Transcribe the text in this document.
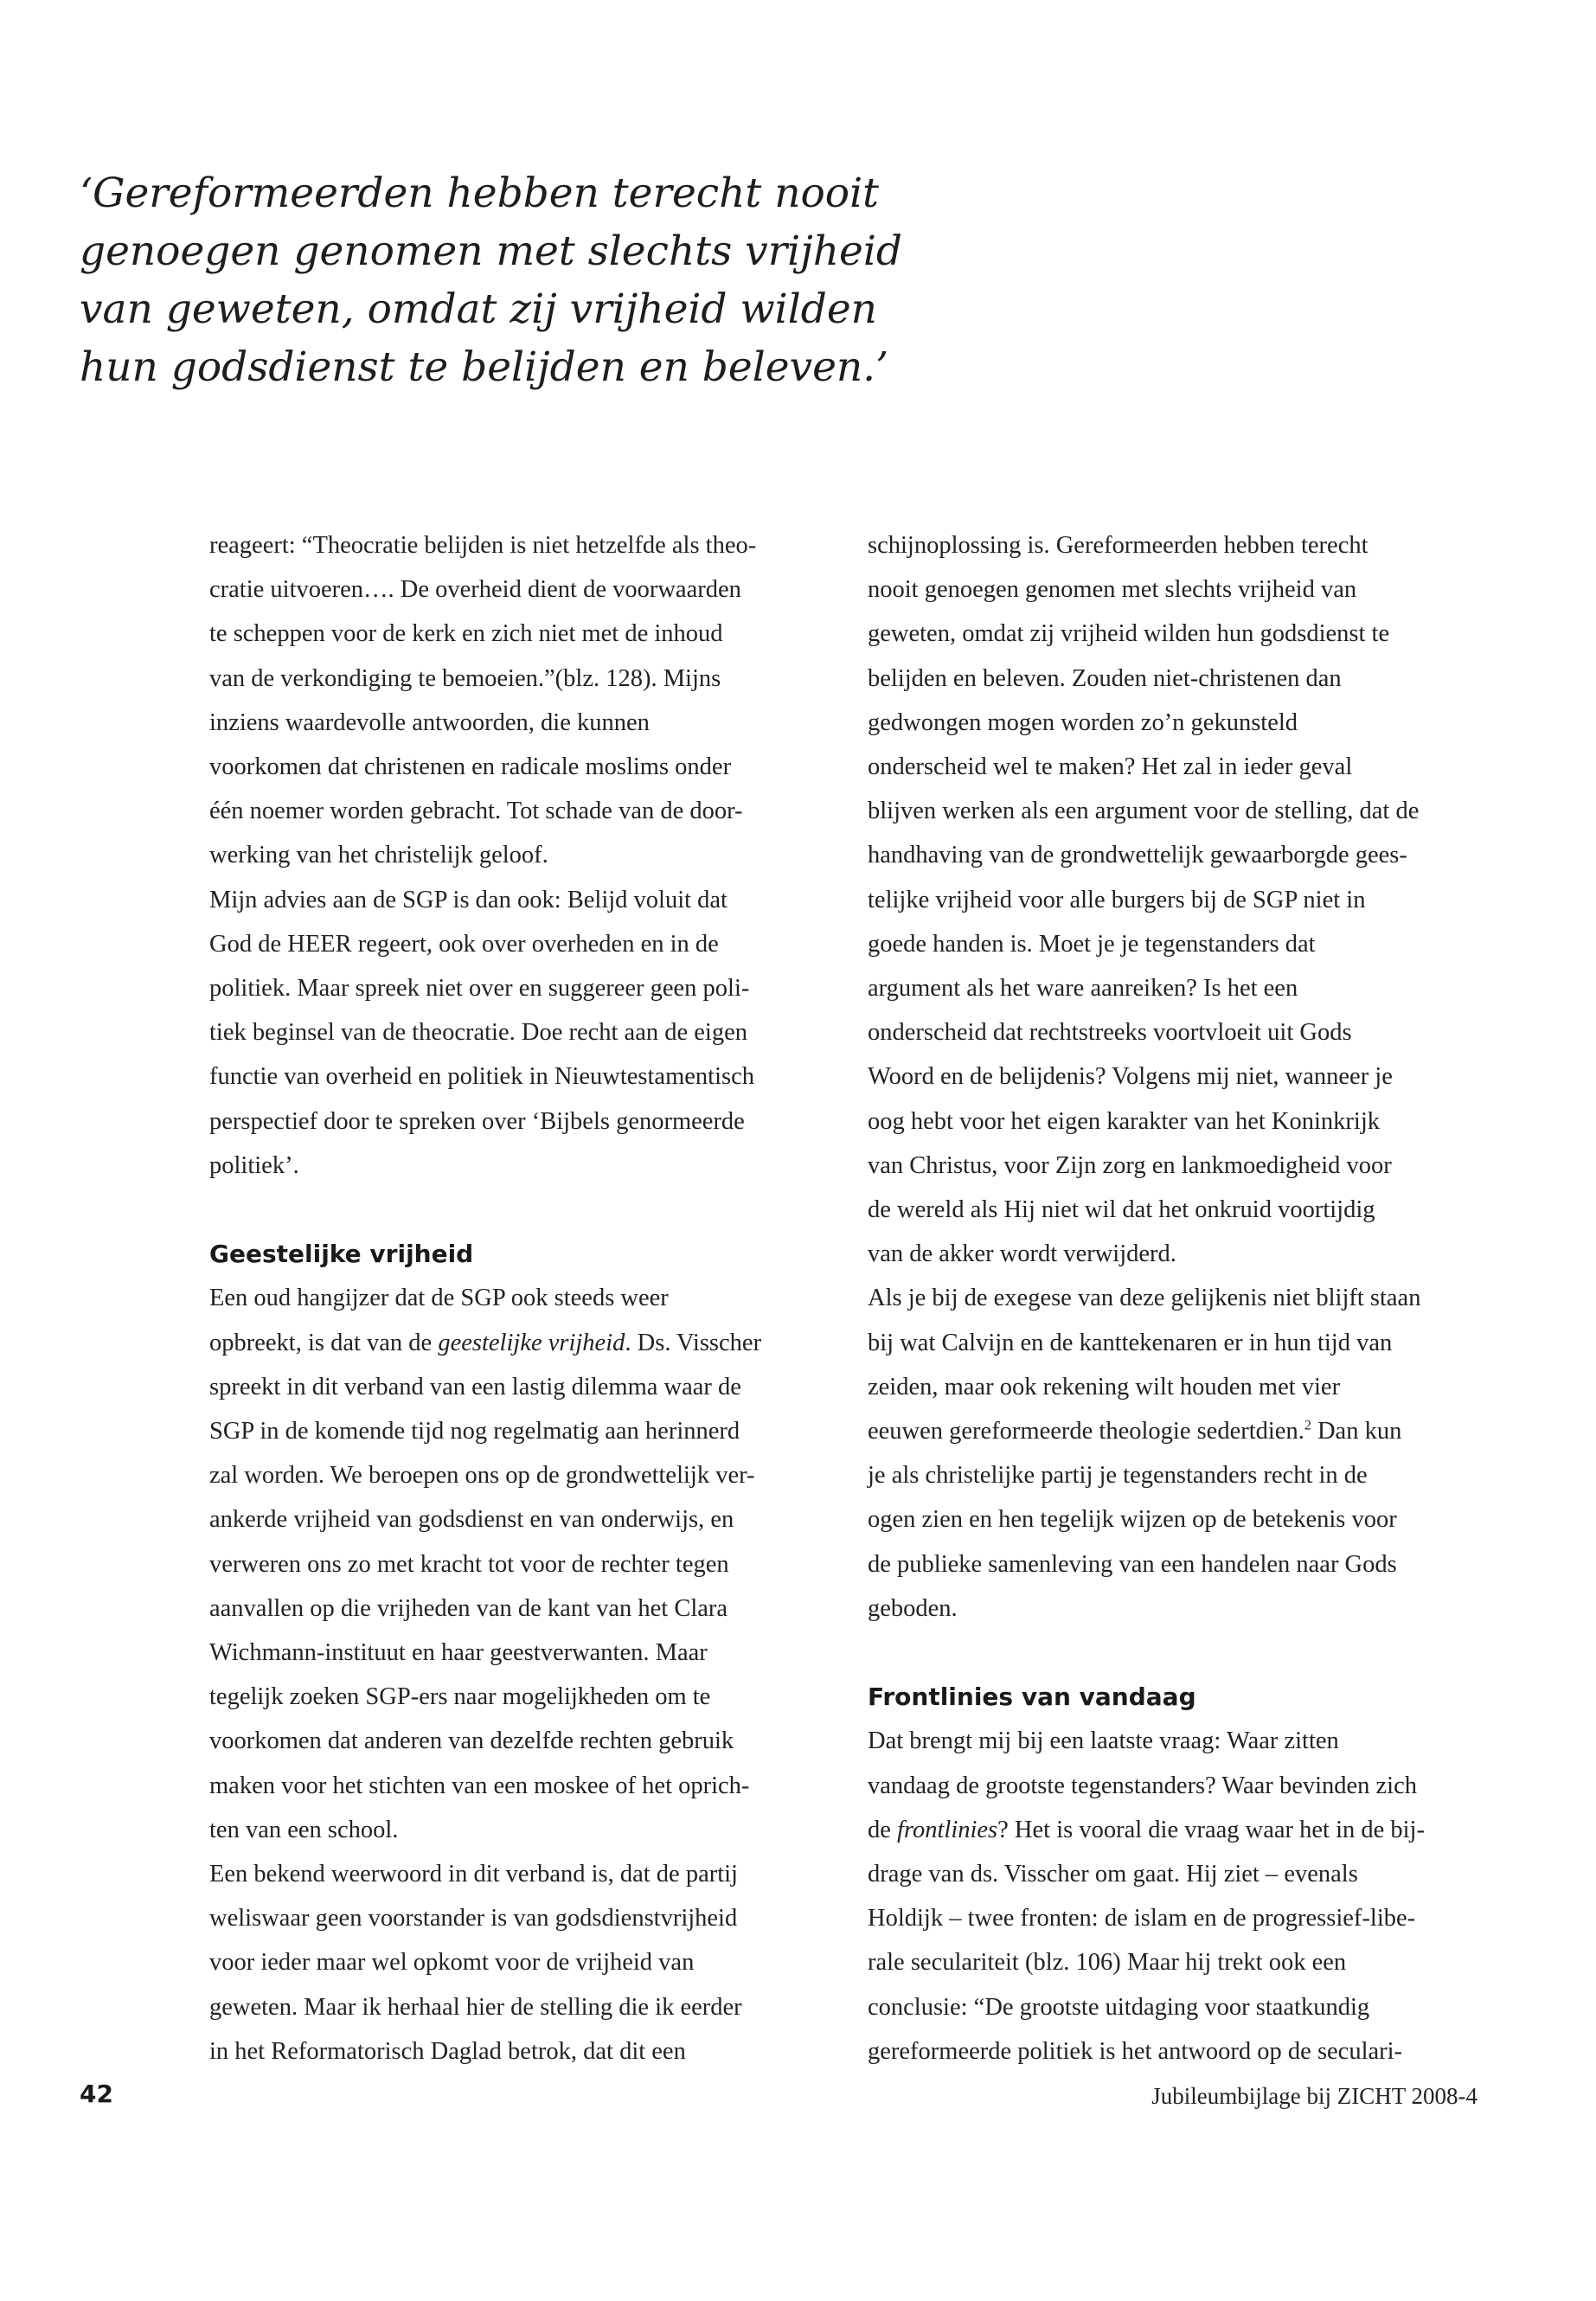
‘Gereformeerden hebben terecht nooit
genoegen genomen met slechts vrijheid
van geweten, omdat zij vrijheid wilden
hun godsdienst te belijden en beleven.’
reageert: “Theocratie belijden is niet hetzelfde als theo-
cratie uitvoeren…. De overheid dient de voorwaarden
te scheppen voor de kerk en zich niet met de inhoud
van de verkondiging te bemoeien.”(blz. 128). Mijns
inziens waardevolle antwoorden, die kunnen
voorkomen dat christenen en radicale moslims onder
één noemer worden gebracht. Tot schade van de door-
werking van het christelijk geloof.
Mijn advies aan de SGP is dan ook: Belijd voluit dat
God de HEER regeert, ook over overheden en in de
politiek. Maar spreek niet over en suggereer geen poli-
tiek beginsel van de theocratie. Doe recht aan de eigen
functie van overheid en politiek in Nieuwtestamentisch
perspectief door te spreken over ‘Bijbels genormeerde
politiek’.
Geestelijke vrijheid
Een oud hangijzer dat de SGP ook steeds weer
opbreekt, is dat van de geestelijke vrijheid. Ds. Visscher
spreekt in dit verband van een lastig dilemma waar de
SGP in de komende tijd nog regelmatig aan herinnerd
zal worden. We beroepen ons op de grondwettelijk ver-
ankerde vrijheid van godsdienst en van onderwijs, en
verweren ons zo met kracht tot voor de rechter tegen
aanvallen op die vrijheden van de kant van het Clara
Wichmann-instituut en haar geestverwanten. Maar
tegelijk zoeken SGP-ers naar mogelijkheden om te
voorkomen dat anderen van dezelfde rechten gebruik
maken voor het stichten van een moskee of het oprich-
ten van een school.
Een bekend weerwoord in dit verband is, dat de partij
weliswaar geen voorstander is van godsdienstvrijheid
voor ieder maar wel opkomt voor de vrijheid van
geweten. Maar ik herhaal hier de stelling die ik eerder
in het Reformatorisch Daglad betrok, dat dit een
schijnoplossing is. Gereformeerden hebben terecht
nooit genoegen genomen met slechts vrijheid van
geweten, omdat zij vrijheid wilden hun godsdienst te
belijden en beleven. Zouden niet-christenen dan
gedwongen mogen worden zo’n gekunsteld
onderscheid wel te maken? Het zal in ieder geval
blijven werken als een argument voor de stelling, dat de
handhaving van de grondwettelijk gewaarborgde gees-
telijke vrijheid voor alle burgers bij de SGP niet in
goede handen is. Moet je je tegenstanders dat
argument als het ware aanreiken? Is het een
onderscheid dat rechtstreeks voortvloeit uit Gods
Woord en de belijdenis? Volgens mij niet, wanneer je
oog hebt voor het eigen karakter van het Koninkrijk
van Christus, voor Zijn zorg en lankmoedigheid voor
de wereld als Hij niet wil dat het onkruid voortijdig
van de akker wordt verwijderd.
Als je bij de exegese van deze gelijkenis niet blijft staan
bij wat Calvijn en de kanttekenaren er in hun tijd van
zeiden, maar ook rekening wilt houden met vier
eeuwen gereformeerde theologie sedertdien.$^2$ Dan kun
je als christelijke partij je tegenstanders recht in de
ogen zien en hen tegelijk wijzen op de betekenis voor
de publieke samenleving van een handelen naar Gods
geboden.
Frontlinies van vandaag
Dat brengt mij bij een laatste vraag: Waar zitten
vandaag de grootste tegenstanders? Waar bevinden zich
de frontlinies? Het is vooral die vraag waar het in de bij-
drage van ds. Visscher om gaat. Hij ziet – evenals
Holdijk – twee fronten: de islam en de progressief-libe-
rale seculariteit (blz. 106) Maar hij trekt ook een
conclusie: “De grootste uitdaging voor staatkundig
gereformeerde politiek is het antwoord op de seculari-
42	Jubileumbijlage bij ZICHT 2008-4
